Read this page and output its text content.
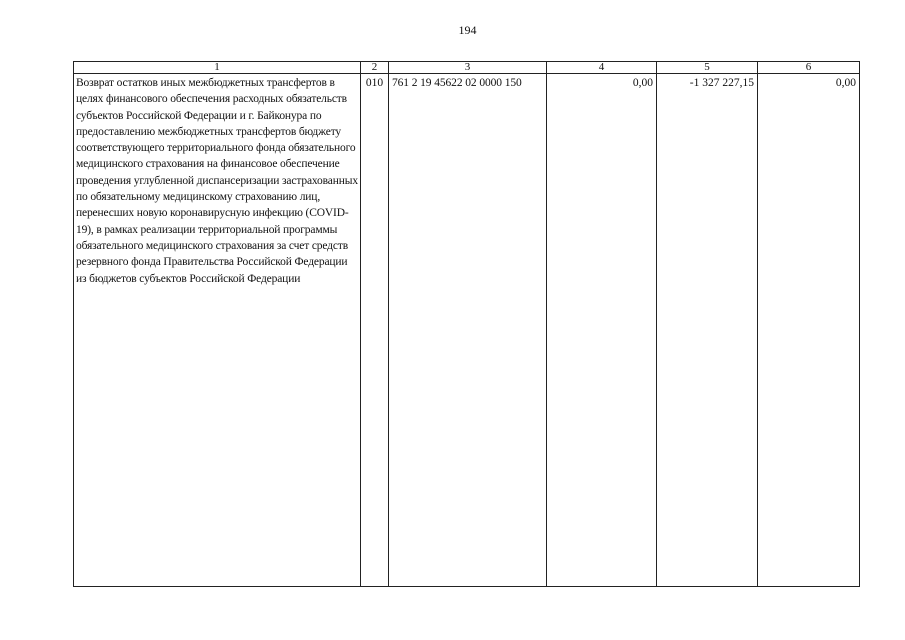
194
1	2	3	4	5	6
Возврат остатков иных межбюджетных трансфертов в целях финансового обеспечения расходных обязательств субъектов Российской Федерации и г. Байконура по предоставлению межбюджетных трансфертов бюджету соответствующего территориального фонда обязательного медицинского страхования на финансовое обеспечение проведения углубленной диспансеризации застрахованных по обязательному медицинскому страхованию лиц, перенесших новую коронавирусную инфекцию (COVID-19), в рамках реализации территориальной программы обязательного медицинского страхования за счет средств резервного фонда Правительства Российской Федерации из бюджетов субъектов Российской Федерации	010	761 2 19 45622 02 0000 150	0,00	-1 327 227,15	0,00
